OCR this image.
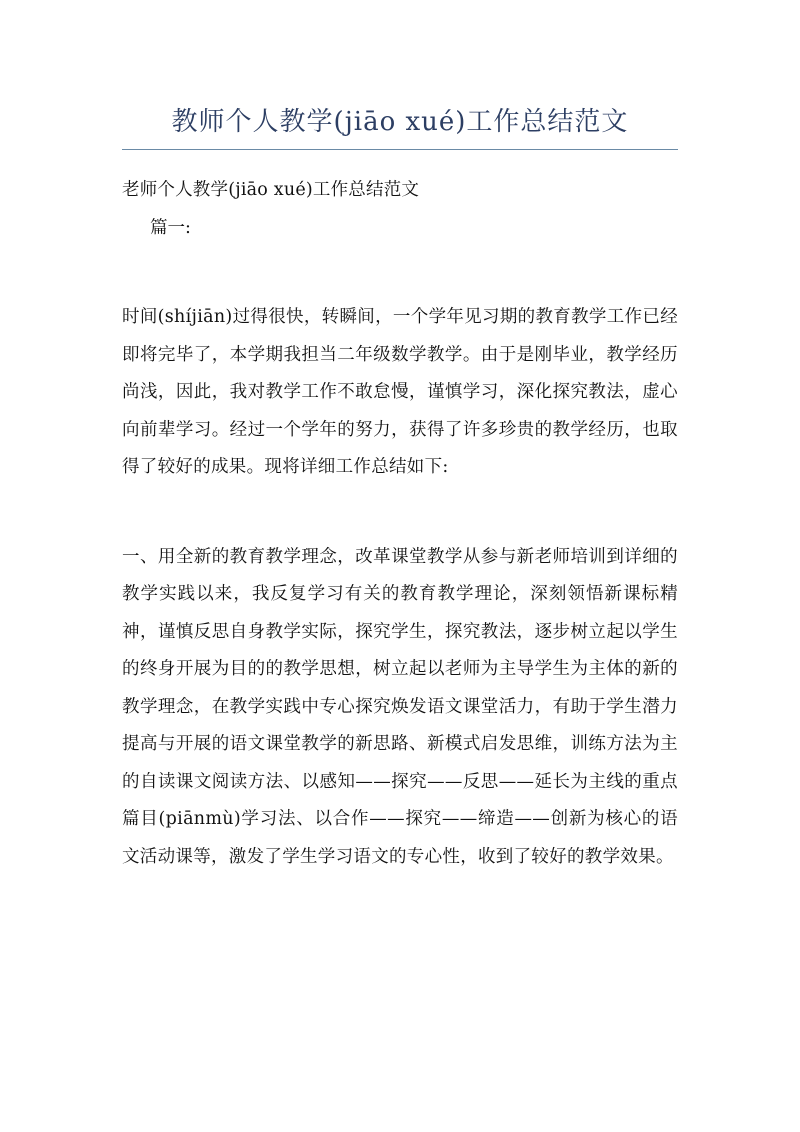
教师个人教学(jiāo xué)工作总结范文

老师个人教学(jiāo xué)工作总结范文

篇一:

时间(shíjiān)过得很快，转瞬间，一个学年见习期的教育教学工作已经即将完毕了，本学期我担当二年级数学教学。由于是刚毕业，教学经历尚浅，因此，我对教学工作不敢怠慢，谨慎学习，深化探究教法，虚心向前辈学习。经过一个学年的努力，获得了许多珍贵的教学经历，也取得了较好的成果。现将详细工作总结如下:

一、用全新的教育教学理念，改革课堂教学从参与新老师培训到详细的教学实践以来，我反复学习有关的教育教学理论，深刻领悟新课标精神，谨慎反思自身教学实际，探究学生，探究教法，逐步树立起以学生的终身开展为目的的教学思想，树立起以老师为主导学生为主体的新的教学理念，在教学实践中专心探究焕发语文课堂活力，有助于学生潜力提高与开展的语文课堂教学的新思路、新模式启发思维，训练方法为主的自读课文阅读方法、以感知——探究——反思——延长为主线的重点篇目(piānmù)学习法、以合作——探究——缔造——创新为核心的语文活动课等，激发了学生学习语文的专心性，收到了较好的教学效果。
